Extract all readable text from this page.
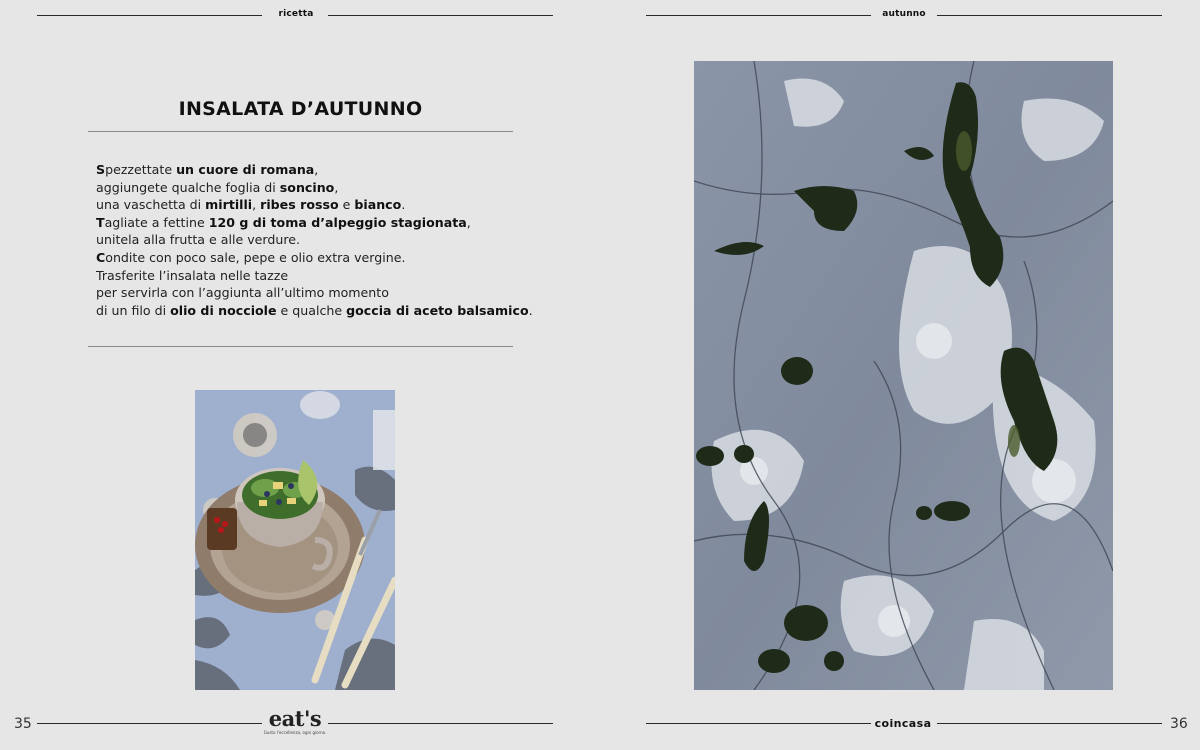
ricetta
INSALATA D’AUTUNNO
Spezzettate un cuore di romana,
aggiungete qualche foglia di soncino,
una vaschetta di mirtilli, ribes rosso e bianco.
Tagliate a fettine 120 g di toma d’alpeggio stagionata,
unitela alla frutta e alle verdure.
Condite con poco sale, pepe e olio extra vergine.
Trasferite l’insalata nelle tazze
per servirla con l’aggiunta all’ultimo momento
di un filo di olio di nocciole e qualche goccia di aceto balsamico.
35	eat's
Gusto l'eccellenza, ogni giorno.
autunno
coincasa	36
